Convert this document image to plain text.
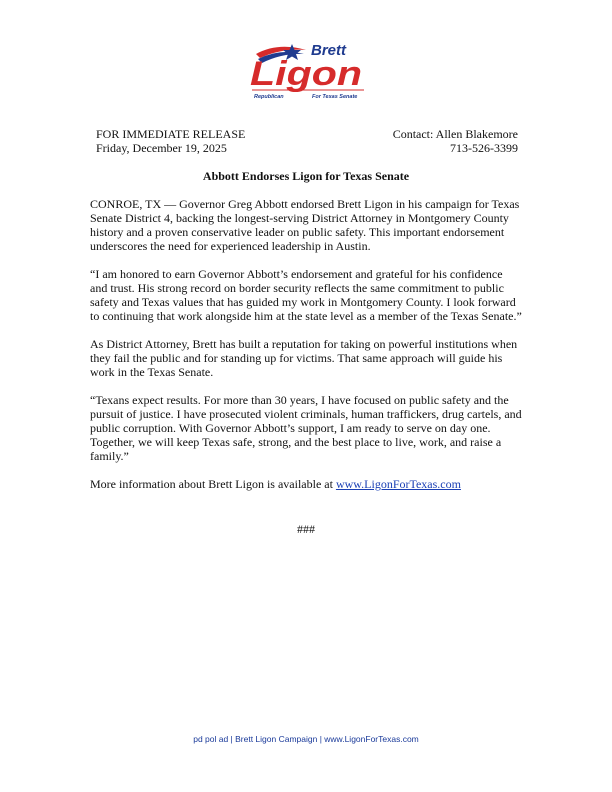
Brett
Ligon
Republican	For Texas Senate
FOR IMMEDIATE RELEASE
Friday, December 19, 2025
Contact: Allen Blakemore
713-526-3399
Abbott Endorses Ligon for Texas Senate

CONROE, TX — Governor Greg Abbott endorsed Brett Ligon in his campaign for Texas Senate District 4, backing the longest-serving District Attorney in Montgomery County history and a proven conservative leader on public safety. This important endorsement underscores the need for experienced leadership in Austin.

“I am honored to earn Governor Abbott’s endorsement and grateful for his confidence and trust. His strong record on border security reflects the same commitment to public safety and Texas values that has guided my work in Montgomery County. I look forward to continuing that work alongside him at the state level as a member of the Texas Senate.”

As District Attorney, Brett has built a reputation for taking on powerful institutions when they fail the public and for standing up for victims. That same approach will guide his work in the Texas Senate.

“Texans expect results. For more than 30 years, I have focused on public safety and the pursuit of justice. I have prosecuted violent criminals, human traffickers, drug cartels, and public corruption. With Governor Abbott’s support, I am ready to serve on day one. Together, we will keep Texas safe, strong, and the best place to live, work, and raise a family.”

More information about Brett Ligon is available at www.LigonForTexas.com

###
pd pol ad | Brett Ligon Campaign | www.LigonForTexas.com
